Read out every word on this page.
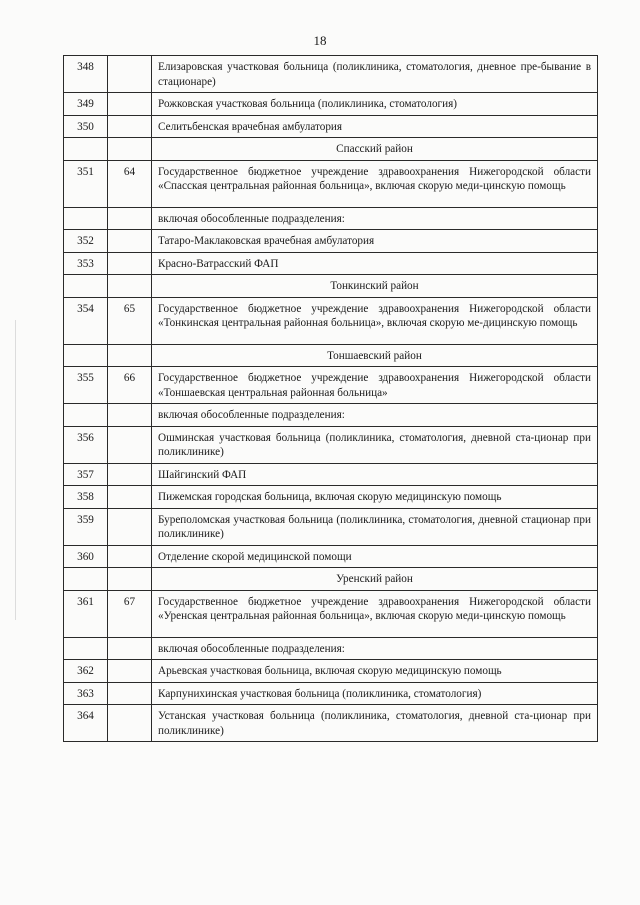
18
348		Елизаровская участковая больница (поликлиника, стоматология, дневное пре-бывание в стационаре)
349		Рожковская участковая больница (поликлиника, стоматология)
350		Селитьбенская врачебная амбулатория
		Спасский район
351	64	Государственное бюджетное учреждение здравоохранения Нижегородской области «Спасская центральная районная больница», включая скорую меди-цинскую помощь
		включая обособленные подразделения:
352		Татаро-Маклаковская врачебная амбулатория
353		Красно-Ватрасский ФАП
		Тонкинский район
354	65	Государственное бюджетное учреждение здравоохранения Нижегородской области «Тонкинская центральная районная больница», включая скорую ме-дицинскую помощь
		Тоншаевский район
355	66	Государственное бюджетное учреждение здравоохранения Нижегородской области «Тоншаевская центральная районная больница»
		включая обособленные подразделения:
356		Ошминская участковая больница (поликлиника, стоматология, дневной ста-ционар при поликлинике)
357		Шайгинский ФАП
358		Пижемская городская больница, включая скорую медицинскую помощь
359		Буреполомская участковая больница (поликлиника, стоматология, дневной стационар при поликлинике)
360		Отделение скорой медицинской помощи
		Уренский район
361	67	Государственное бюджетное учреждение здравоохранения Нижегородской области «Уренская центральная районная больница», включая скорую меди-цинскую помощь
		включая обособленные подразделения:
362		Арьевская участковая больница, включая скорую медицинскую помощь
363		Карпунихинская участковая больница (поликлиника, стоматология)
364		Устанская участковая больница (поликлиника, стоматология, дневной ста-ционар при поликлинике)
